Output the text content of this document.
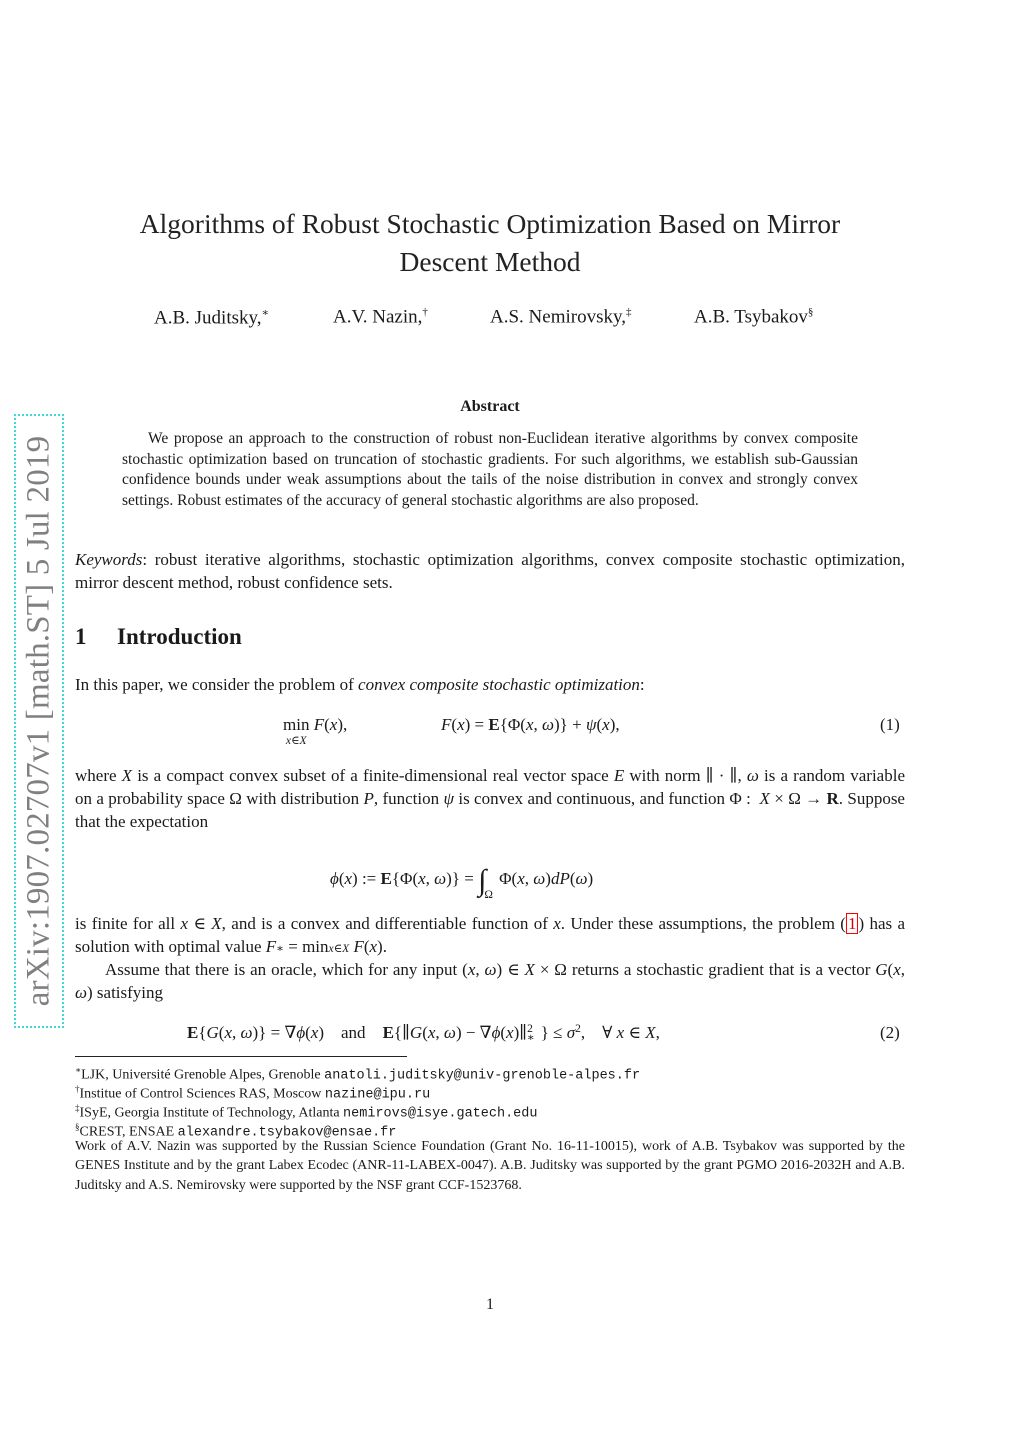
arXiv:1907.02707v1 [math.ST] 5 Jul 2019
Algorithms of Robust Stochastic Optimization Based on Mirror
Descent Method
A.B. Juditsky,∗	A.V. Nazin,†	A.S. Nemirovsky,‡	A.B. Tsybakov§
Abstract
We propose an approach to the construction of robust non-Euclidean iterative algorithms by convex composite stochastic optimization based on truncation of stochastic gradients. For such algorithms, we establish sub-Gaussian confidence bounds under weak assumptions about the tails of the noise distribution in convex and strongly convex settings. Robust estimates of the accuracy of general stochastic algorithms are also proposed.
Keywords: robust iterative algorithms, stochastic optimization algorithms, convex composite stochastic optimization, mirror descent method, robust confidence sets.
1 Introduction
In this paper, we consider the problem of convex composite stochastic optimization:
min
$^{x\in X}$ F(x),	F(x) = E{Φ(x, ω)} + ψ(x),	(1)
where X is a compact convex subset of a finite-dimensional real vector space E with norm ∥ · ∥, ω is a random variable on a probability space Ω with distribution P, function ψ is convex and continuous, and function Φ :  X × Ω → R. Suppose that the expectation
ϕ(x) := E{Φ(x, $\omega)\} = \int_\Omega$ Φ(x, ω)dP(ω)
is finite for all x ∈ X, and is a convex and differentiable function of x. Under these assumptions, the problem ( 1 ) has a solution with optimal value F∗ = minx∈X F(x).
Assume that there is an oracle, which for any input (x, ω) ∈ X × Ω returns a stochastic gradient that is a vector G(x, ω) satisfying
E{G(x, ω)} = ∇ϕ(x)    and    E{∥G(x, ω) − ∇ϕ(x)∥$^2$∗ } ≤ $\sigma^2$,    ∀ x ∈ X,	(2)
∗LJK, Université Grenoble Alpes, Grenoble anatoli.juditsky@univ-grenoble-alpes.fr
†Institue of Control Sciences RAS, Moscow nazine@ipu.ru
‡ISyE, Georgia Institute of Technology, Atlanta nemirovs@isye.gatech.edu
§CREST, ENSAE alexandre.tsybakov@ensae.fr
Work of A.V. Nazin was supported by the Russian Science Foundation (Grant No. 16-11-10015), work of A.B. Tsybakov was supported by the GENES Institute and by the grant Labex Ecodec (ANR-11-LABEX-0047). A.B. Juditsky was supported by the grant PGMO 2016-2032H and A.B. Juditsky and A.S. Nemirovsky were supported by the NSF grant CCF-1523768.
1
